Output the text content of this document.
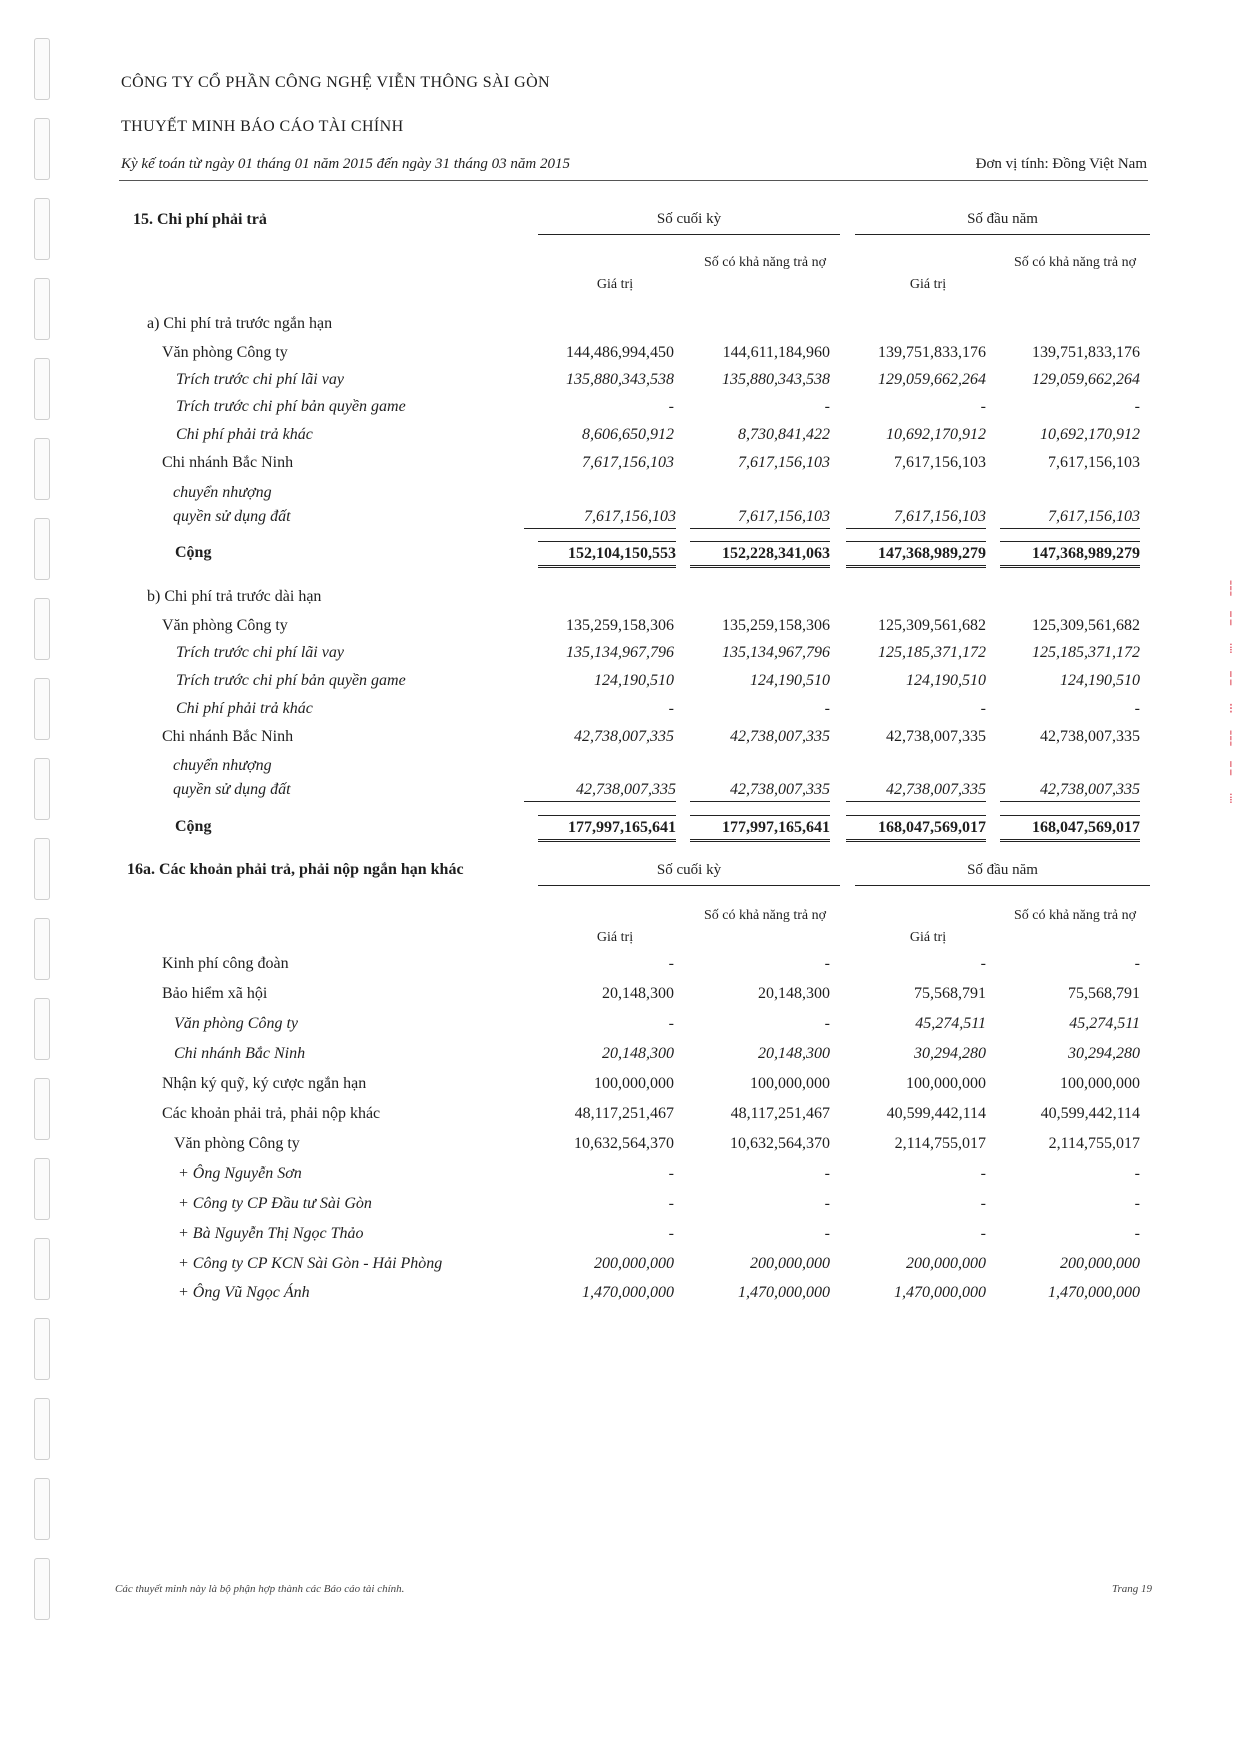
┆
╎
⁞
╎
⁝
┆
╎
⁞
CÔNG TY CỔ PHẦN CÔNG NGHỆ VIỄN THÔNG SÀI GÒN
THUYẾT MINH BÁO CÁO TÀI CHÍNH
Kỳ kế toán từ ngày 01 tháng 01 năm 2015 đến ngày 31 tháng 03 năm 2015	Đơn vị tính: Đồng Việt Nam
15. Chi phí phải trả	Số cuối kỳ	Số đầu năm
Giá trị
Số có khả năng trả nợ
Giá trị
Số có khả năng trả nợ
a) Chi phí trả trước ngắn hạn
Văn phòng Công ty	144,486,994,450	144,611,184,960	139,751,833,176	139,751,833,176
Trích trước chi phí lãi vay	135,880,343,538	135,880,343,538	129,059,662,264	129,059,662,264
Trích trước chi phí bản quyền game	-	-	-	-
Chi phí phải trả khác	8,606,650,912	8,730,841,422	10,692,170,912	10,692,170,912
Chi nhánh Bắc Ninh	7,617,156,103	7,617,156,103	7,617,156,103	7,617,156,103
chuyển nhượng
quyền sử dụng đất	7,617,156,103	7,617,156,103	7,617,156,103	7,617,156,103
Cộng	152,104,150,553	152,228,341,063	147,368,989,279	147,368,989,279
b) Chi phí trả trước dài hạn
Văn phòng Công ty	135,259,158,306	135,259,158,306	125,309,561,682	125,309,561,682
Trích trước chi phí lãi vay	135,134,967,796	135,134,967,796	125,185,371,172	125,185,371,172
Trích trước chi phí bản quyền game	124,190,510	124,190,510	124,190,510	124,190,510
Chi phí phải trả khác	-	-	-	-
Chi nhánh Bắc Ninh	42,738,007,335	42,738,007,335	42,738,007,335	42,738,007,335
chuyển nhượng
quyền sử dụng đất	42,738,007,335	42,738,007,335	42,738,007,335	42,738,007,335
Cộng	177,997,165,641	177,997,165,641	168,047,569,017	168,047,569,017
16a. Các khoản phải trả, phải nộp ngắn hạn khác	Số cuối kỳ	Số đầu năm
Giá trị
Số có khả năng trả nợ
Giá trị
Số có khả năng trả nợ
Kinh phí công đoàn	-	-	-	-
Bảo hiểm xã hội	20,148,300	20,148,300	75,568,791	75,568,791
Văn phòng Công ty	-	-	45,274,511	45,274,511
Chi nhánh Bắc Ninh	20,148,300	20,148,300	30,294,280	30,294,280
Nhận ký quỹ, ký cược ngắn hạn	100,000,000	100,000,000	100,000,000	100,000,000
Các khoản phải trả, phải nộp khác	48,117,251,467	48,117,251,467	40,599,442,114	40,599,442,114
Văn phòng Công ty	10,632,564,370	10,632,564,370	2,114,755,017	2,114,755,017
+ Ông Nguyễn Sơn	-	-	-	-
+ Công ty CP Đầu tư Sài Gòn	-	-	-	-
+ Bà Nguyễn Thị Ngọc Thảo	-	-	-	-
+ Công ty CP KCN Sài Gòn - Hải Phòng	200,000,000	200,000,000	200,000,000	200,000,000
+ Ông Vũ Ngọc Ánh	1,470,000,000	1,470,000,000	1,470,000,000	1,470,000,000
Các thuyết minh này là bộ phận hợp thành các Báo cáo tài chính.	Trang 19
